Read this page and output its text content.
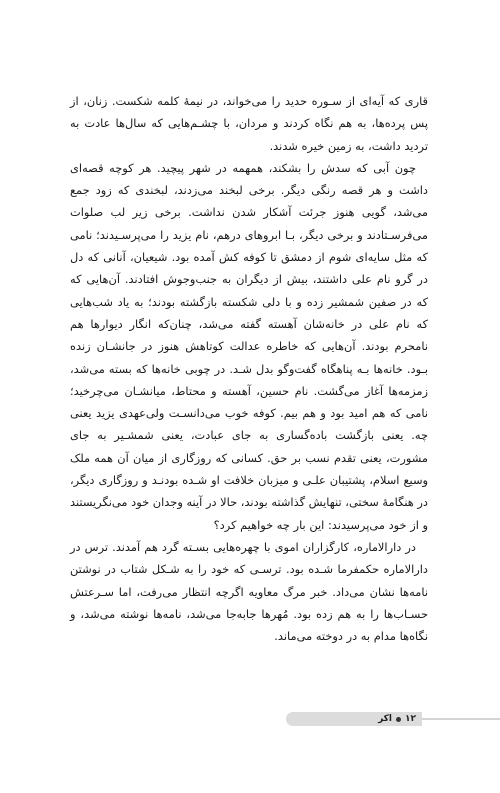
قاری که آیه‌ای از سـوره حدید را می‌خواند، در نیمهٔ کلمه شکست. زنان، از پس پرده‌ها، به هم نگاه کردند و مردان، با چشـم‌هایی که سال‌ها عادت به تردید داشت، به زمین خیره شدند.

چون آبی که سدش را بشکند، همهمه در شهر پیچید. هر کوچه قصه‌ای داشت و هر قصه رنگی دیگر. برخی لبخند می‌زدند، لبخندی که زود جمع می‌شد، گویی هنوز جرئت آشکار شدن نداشت. برخی زیر لب صلوات می‌فرسـتادند و برخی دیگر، بـا ابروهای درهم، نام یزید را می‌پرسـیدند؛ نامی که مثل سایه‌ای شوم از دمشق تا کوفه کش آمده بود. شیعیان، آنانی که دل در گرو نام علی داشتند، بیش از دیگران به جنب‌وجوش افتادند. آن‌هایی که که در صفین شمشیر زده و با دلی شکسته بازگشته بودند؛ به یاد شب‌هایی که نام علی در خانه‌شان آهسته گفته می‌شد، چنان‌که انگار دیوارها هم نامحرم بودند. آن‌هایی که خاطره عدالت کوتاهش هنوز در جانشـان زنده بـود. خانه‌ها بـه پناهگاه گفت‌وگو بدل شـد. در چوبی خانه‌ها که بسته می‌شد، زمزمه‌ها آغاز می‌گشت. نام حسین، آهسته و محتاط، میانشـان می‌چرخید؛ نامی که هم امید بود و هم بیم. کوفه خوب می‌دانسـت ولی‌عهدی یزید یعنی چه. یعنی بازگشت باده‌گساری به جای عبادت، یعنی شمشـیر به جای مشورت، یعنی تقدم نسب بر حق. کسانی که روزگاری از میان آن همه ملک وسیع اسلام، پشتیبان علـی و میزبان خلافت او شـده بودنـد و روزگاری دیگر، در هنگامهٔ سختی، تنهایش گذاشته بودند، حالا در آینه وجدان خود می‌نگریستند و از خود می‌پرسیدند: این بار چه خواهیم کرد؟

در دارالاماره، کارگزاران اموی با چهره‌هایی بسـته گرد هم آمدند. ترس در دارالاماره حکمفرما شـده بود. ترسـی که خود را به شـکل شتاب در نوشتن نامه‌ها نشان می‌داد. خبر مرگ معاویه اگرچه انتظار می‌رفت، اما سـرعتش حسـاب‌ها را به هم زده بود. مُهرها جابه‌جا می‌شد، نامه‌ها نوشته می‌شد، و نگاه‌ها مدام به در دوخته می‌ماند.

۱۲
اکر
